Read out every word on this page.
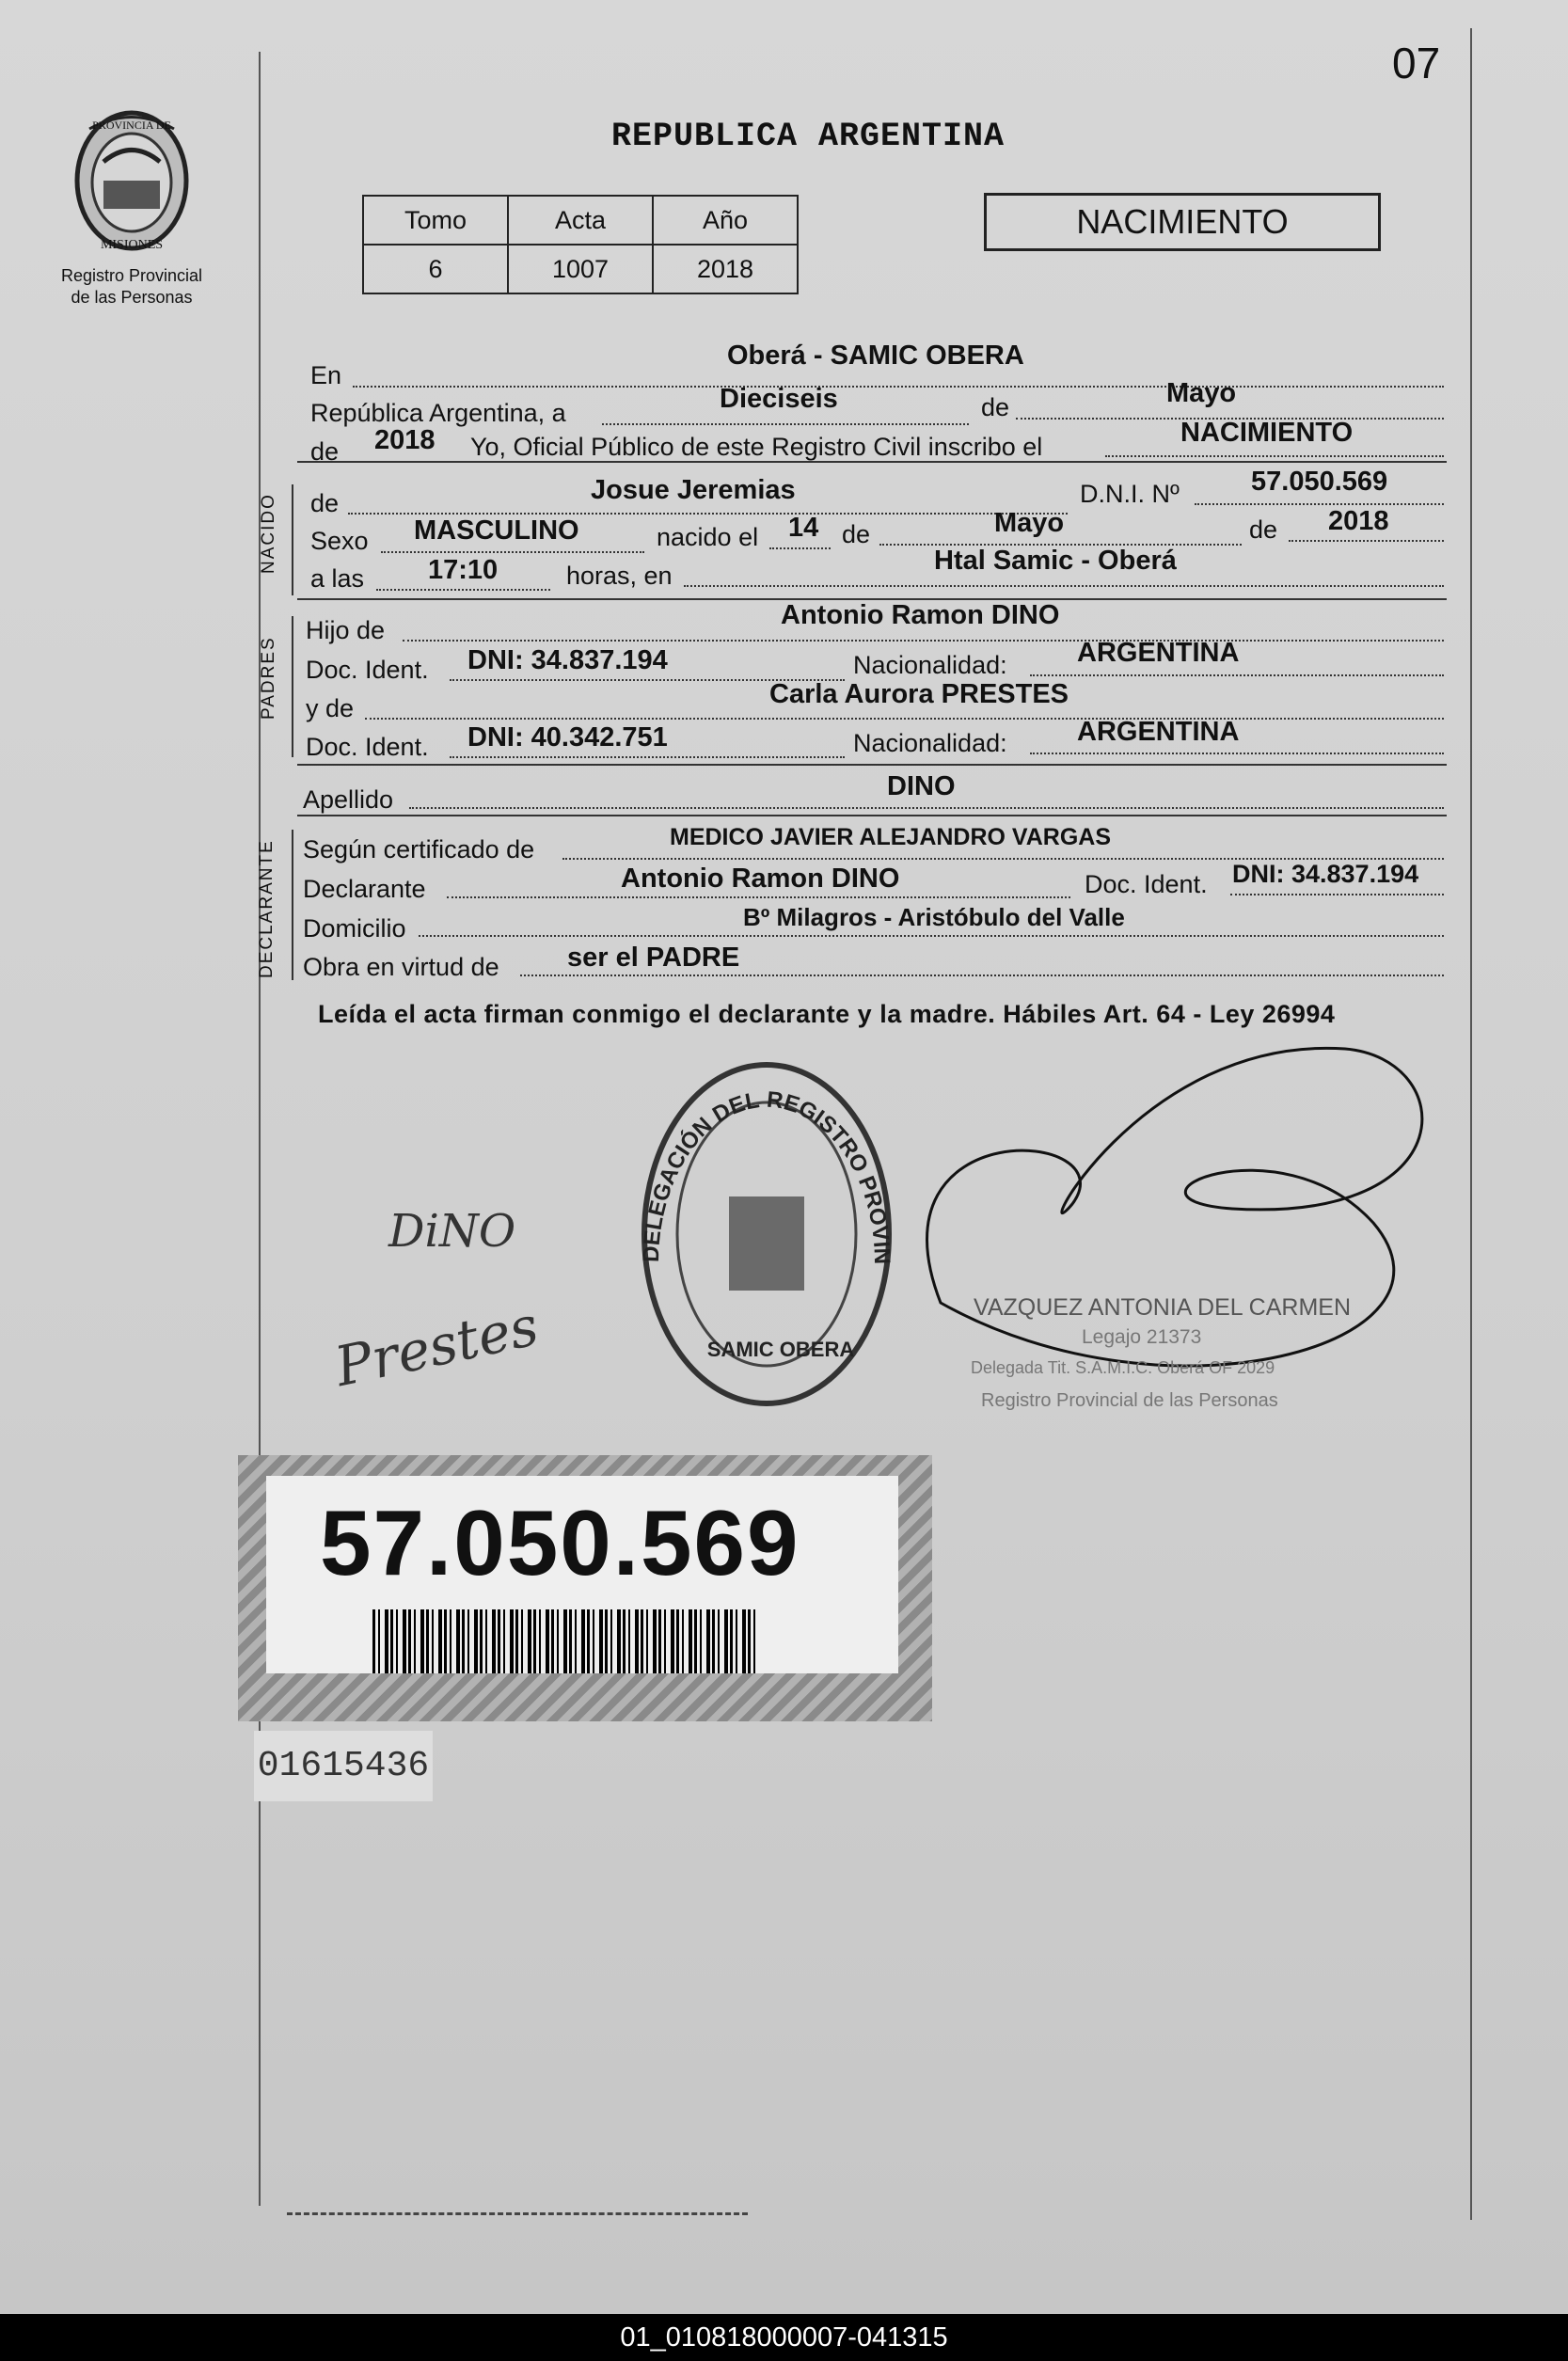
07
PROVINCIA DE
MISIONES
Registro Provincial
de las Personas
REPUBLICA ARGENTINA
Tomo	Acta	Año
6	1007	2018
NACIMIENTO
En
Oberá - SAMIC OBERA
República Argentina, a	Dieciseis	de	Mayo
de 2018 Yo, Oficial Público de este Registro Civil inscribo el	NACIMIENTO
NACIDO de	Josue Jeremias	D.N.I. Nº	57.050.569
Sexo MASCULINO	nacido el 14 de	Mayo	de 2018
a las 17:10	horas, en	Htal Samic - Oberá
PADRES
Hijo de	Antonio Ramon DINO
Doc. Ident. DNI: 34.837.194	Nacionalidad:	ARGENTINA
y de	Carla Aurora PRESTES
Doc. Ident. DNI: 40.342.751	Nacionalidad:	ARGENTINA
Apellido	DINO
DECLARANTE Según certificado de	MEDICO JAVIER ALEJANDRO VARGAS
Declarante	Antonio Ramon DINO	Doc. Ident. DNI: 34.837.194
Domicilio	Bº Milagros - Aristóbulo del Valle
Obra en virtud de ser el PADRE
Leída el acta firman conmigo el declarante y la madre. Hábiles Art. 64 - Ley 26994
DELEGACIÓN DEL REGISTRO PROVIN
SAMIC OBERA
DiNO
Prestes	VAZQUEZ ANTONIA DEL CARMEN
Legajo 21373
Delegada Tit. S.A.M.I.C. Oberá OF 2029
Registro Provincial de las Personas
57.050.569
01615436
01_010818000007-041315
